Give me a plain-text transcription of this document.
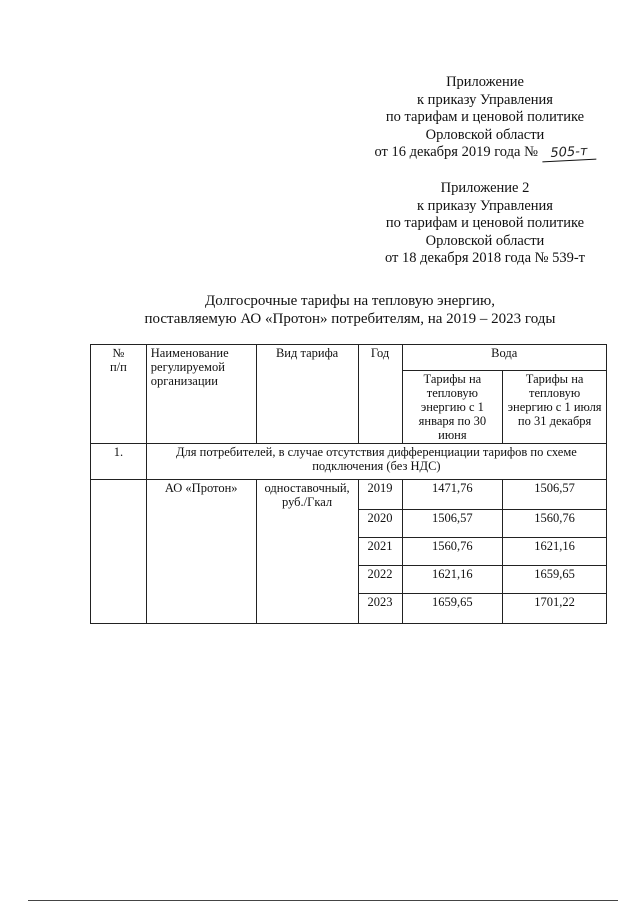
Приложение
к приказу Управления
по тарифам и ценовой политике
Орловской области
от 16 декабря 2019 года № 505-т
Приложение 2
к приказу Управления
по тарифам и ценовой политике
Орловской области
от 18 декабря 2018 года № 539-т
Долгосрочные тарифы на тепловую энергию,
поставляемую АО «Протон» потребителям, на 2019 – 2023 годы
№
п/п	Наименование регулируемой организации	Вид тарифа	Год	Вода	
				Тарифы на тепловую энергию с 1 января по 30 июня	Тарифы на тепловую энергию с 1 июля по 31 декабря
1.	Для потребителей, в случае отсутствия дифференциации тарифов по схеме подключения (без НДС)				
	АО «Протон»	одноставочный, руб./Гкал	2019	1471,76	1506,57
			2020	1506,57	1560,76
			2021	1560,76	1621,16
			2022	1621,16	1659,65
			2023	1659,65	1701,22
